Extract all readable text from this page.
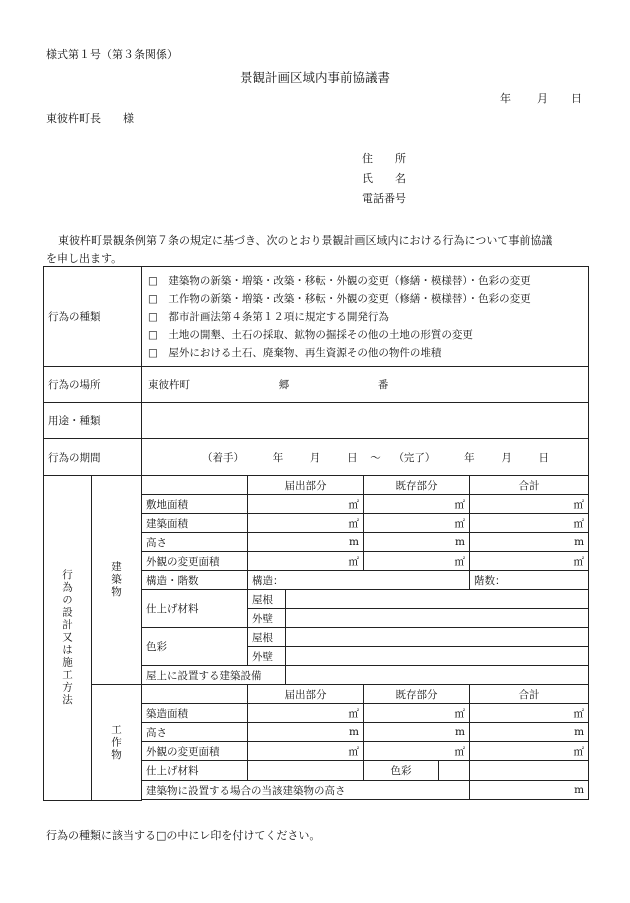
様式第１号（第３条関係）
景観計画区域内事前協議書
年 月 日
東彼杵町長　　様
住　　所
氏　　名
電話番号
東彼杵町景観条例第７条の規定に基づき、次のとおり景観計画区域内における行為について事前協議
を申し出ます。
行為の種類	
□　建築物の新築・増築・改築・移転・外観の変更（修繕・模様替）・色彩の変更
□　工作物の新築・増築・改築・移転・外観の変更（修繕・模様替）・色彩の変更
□　都市計画法第４条第１２項に規定する開発行為
□　土地の開墾、土石の採取、鉱物の掘採その他の土地の形質の変更
□　屋外における土石、廃棄物、再生資源その他の物件の堆積

行為の場所	東彼杵町	郷	番
用途・種類	
行為の期間	（着手）	年	月	日 ～ （完了）	年	月	日

行為の設計又は施工方法	建築物
		届出部分	既存部分	合計
敷地面積	㎡	㎡	㎡
建築面積	㎡	㎡	㎡
高さ	m	m	m
外観の変更面積	㎡	㎡	㎡
構造・階数	構造：	階数：
仕上げ材料	屋根	
外壁	
色彩	屋根	
外壁	
屋上に設置する建築設備	

工作物
		届出部分	既存部分	合計
築造面積	㎡	㎡	㎡
高さ	m	m	m
外観の変更面積	㎡	㎡	㎡
仕上げ材料			色彩	

建築物に設置する場合の当該建築物の高さ	m

行為の種類に該当する□の中にレ印を付けてください。
